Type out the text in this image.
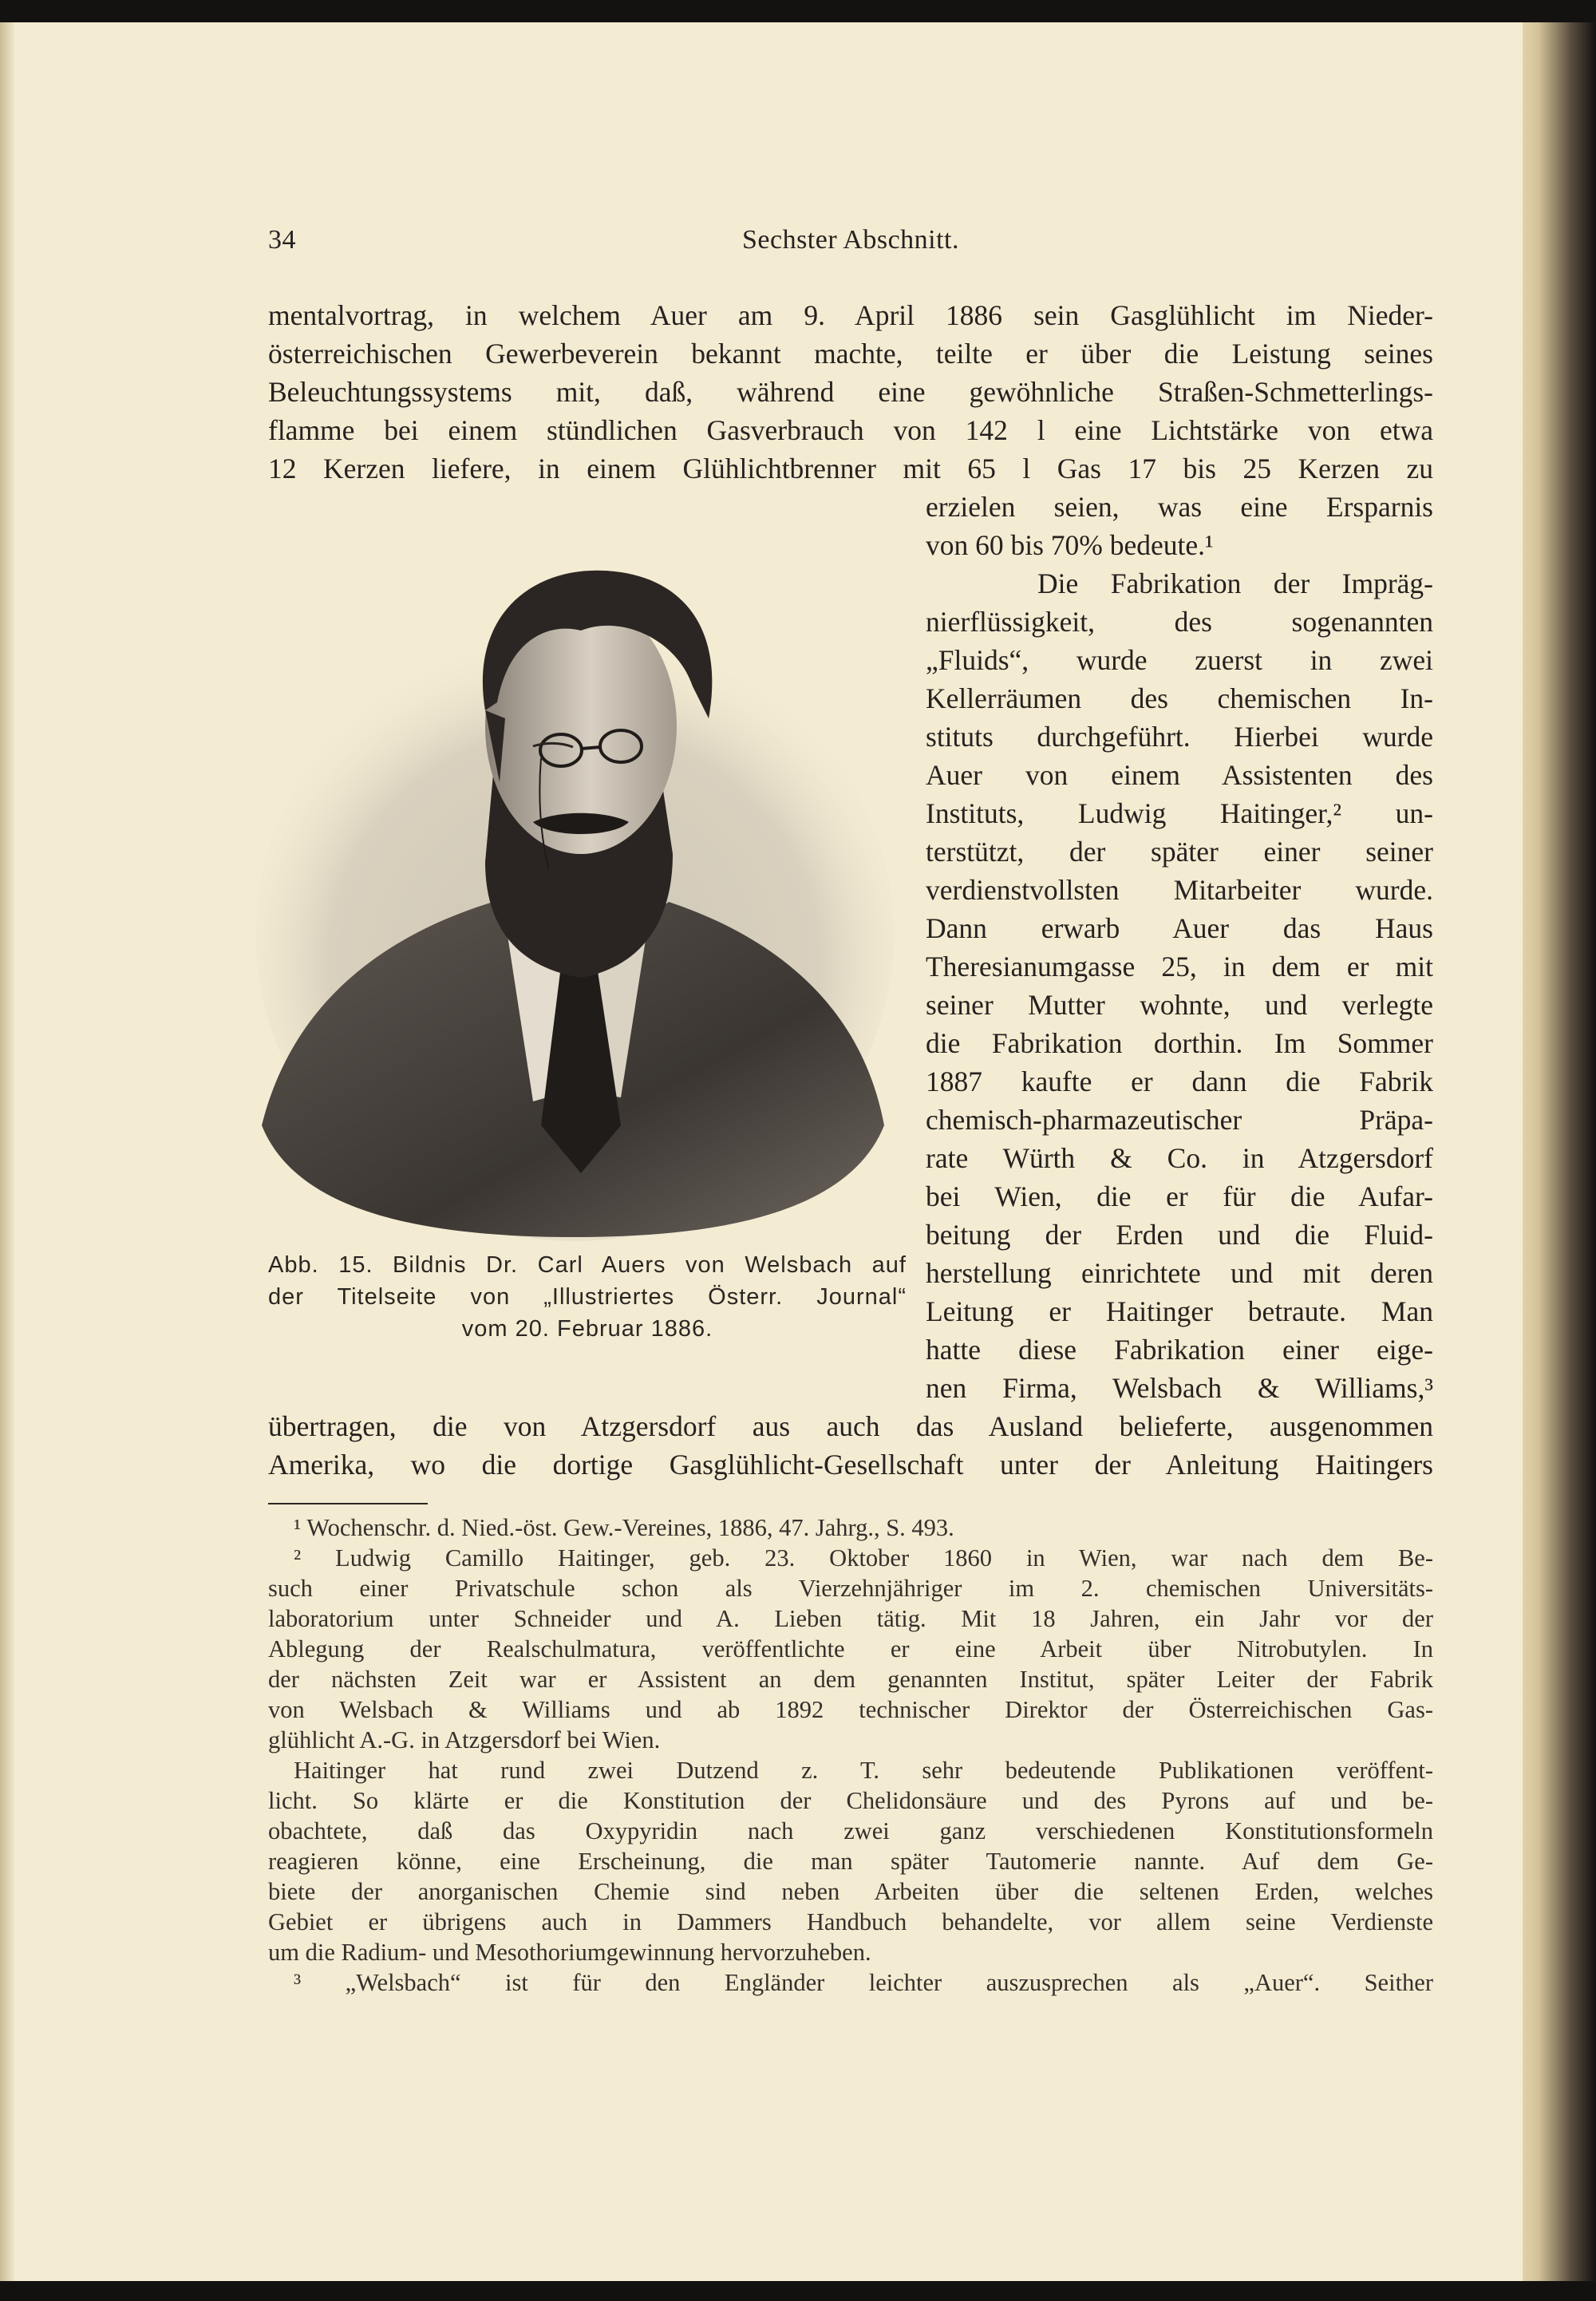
34	Sechster Abschnitt.
mentalvortrag, in welchem Auer am 9. April 1886 sein Gasglühlicht im Nieder-
österreichischen Gewerbeverein bekannt machte, teilte er über die Leistung seines
Beleuchtungssystems mit, daß, während eine gewöhnliche Straßen-Schmetterlings-
flamme bei einem stündlichen Gasverbrauch von 142 l eine Lichtstärke von etwa
12 Kerzen liefere, in einem Glühlichtbrenner mit 65 l Gas 17 bis 25 Kerzen zu
erzielen seien, was eine Ersparnis
von 60 bis 70% bedeute.¹
Die Fabrikation der Impräg-
nierflüssigkeit, des sogenannten
„Fluids“, wurde zuerst in zwei
Kellerräumen des chemischen In-
stituts durchgeführt. Hierbei wurde
Auer von einem Assistenten des
Instituts, Ludwig Haitinger,² un-
terstützt, der später einer seiner
verdienstvollsten Mitarbeiter wurde.
Dann erwarb Auer das Haus
Theresianumgasse 25, in dem er mit
seiner Mutter wohnte, und verlegte
die Fabrikation dorthin. Im Sommer
1887 kaufte er dann die Fabrik
chemisch-pharmazeutischer Präpa-
rate Würth & Co. in Atzgersdorf
bei Wien, die er für die Aufar-
beitung der Erden und die Fluid-
herstellung einrichtete und mit deren
Leitung er Haitinger betraute. Man
hatte diese Fabrikation einer eige-
nen Firma, Welsbach & Williams,³
übertragen, die von Atzgersdorf aus auch das Ausland belieferte, ausgenommen
Amerika, wo die dortige Gasglühlicht-Gesellschaft unter der Anleitung Haitingers
Abb. 15. Bildnis Dr. Carl Auers von Welsbach auf
der Titelseite von „Illustriertes Österr. Journal“
vom 20. Februar 1886.
¹ Wochenschr. d. Nied.-öst. Gew.-Vereines, 1886, 47. Jahrg., S. 493.
² Ludwig Camillo Haitinger, geb. 23. Oktober 1860 in Wien, war nach dem Be-
such einer Privatschule schon als Vierzehnjähriger im 2. chemischen Universitäts-
laboratorium unter Schneider und A. Lieben tätig. Mit 18 Jahren, ein Jahr vor der
Ablegung der Realschulmatura, veröffentlichte er eine Arbeit über Nitrobutylen. In
der nächsten Zeit war er Assistent an dem genannten Institut, später Leiter der Fabrik
von Welsbach & Williams und ab 1892 technischer Direktor der Österreichischen Gas-
glühlicht A.-G. in Atzgersdorf bei Wien.
Haitinger hat rund zwei Dutzend z. T. sehr bedeutende Publikationen veröffent-
licht. So klärte er die Konstitution der Chelidonsäure und des Pyrons auf und be-
obachtete, daß das Oxypyridin nach zwei ganz verschiedenen Konstitutionsformeln
reagieren könne, eine Erscheinung, die man später Tautomerie nannte. Auf dem Ge-
biete der anorganischen Chemie sind neben Arbeiten über die seltenen Erden, welches
Gebiet er übrigens auch in Dammers Handbuch behandelte, vor allem seine Verdienste
um die Radium- und Mesothoriumgewinnung hervorzuheben.
³ „Welsbach“ ist für den Engländer leichter auszusprechen als „Auer“. Seither
